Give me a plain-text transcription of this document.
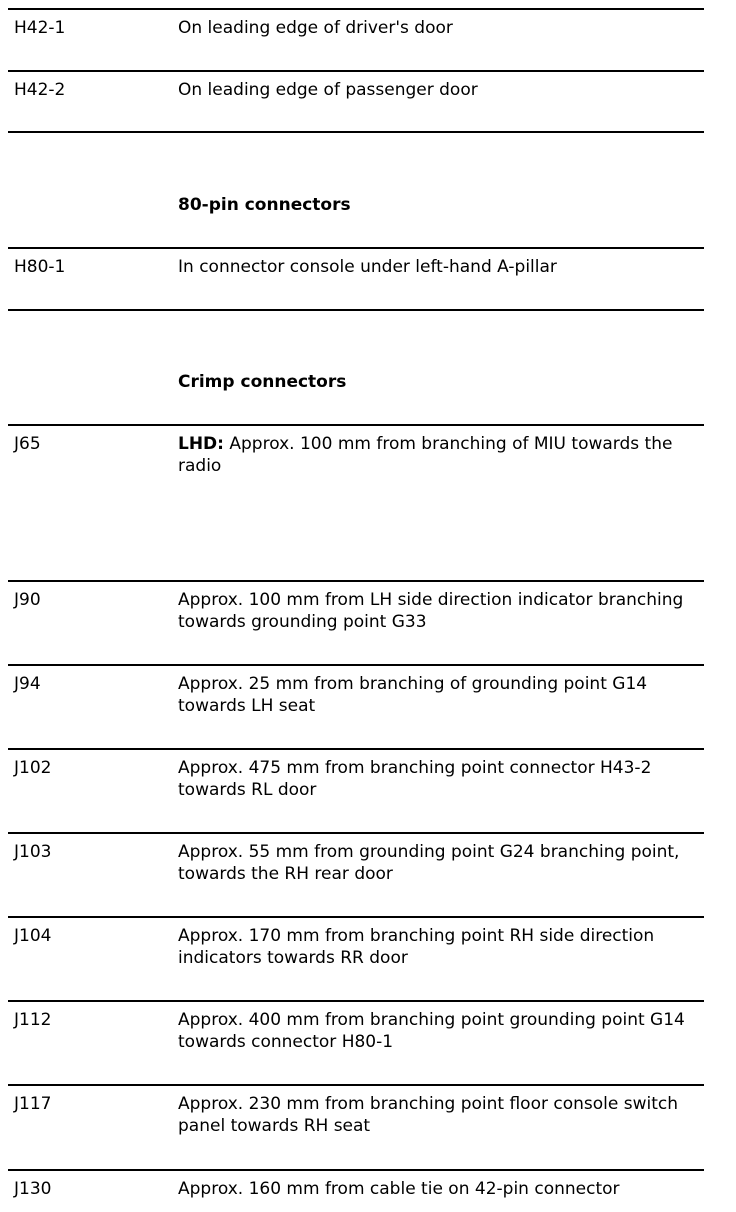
H42-1	On leading edge of driver's door
H42-2	On leading edge of passenger door
80-pin connectors
H80-1	In connector console under left-hand A-pillar
Crimp connectors
J65	LHD: Approx. 100 mm from branching of MIU towards the radio
J90	Approx. 100 mm from LH side direction indicator branching towards grounding point G33
J94	Approx. 25 mm from branching of grounding point G14 towards LH seat
J102	Approx. 475 mm from branching point connector H43-2 towards RL door
J103	Approx. 55 mm from grounding point G24 branching point, towards the RH rear door
J104	Approx. 170 mm from branching point RH side direction indicators towards RR door
J112	Approx. 400 mm from branching point grounding point G14 towards connector H80-1
J117	Approx. 230 mm from branching point floor console switch panel towards RH seat
J130	Approx. 160 mm from cable tie on 42-pin connector
